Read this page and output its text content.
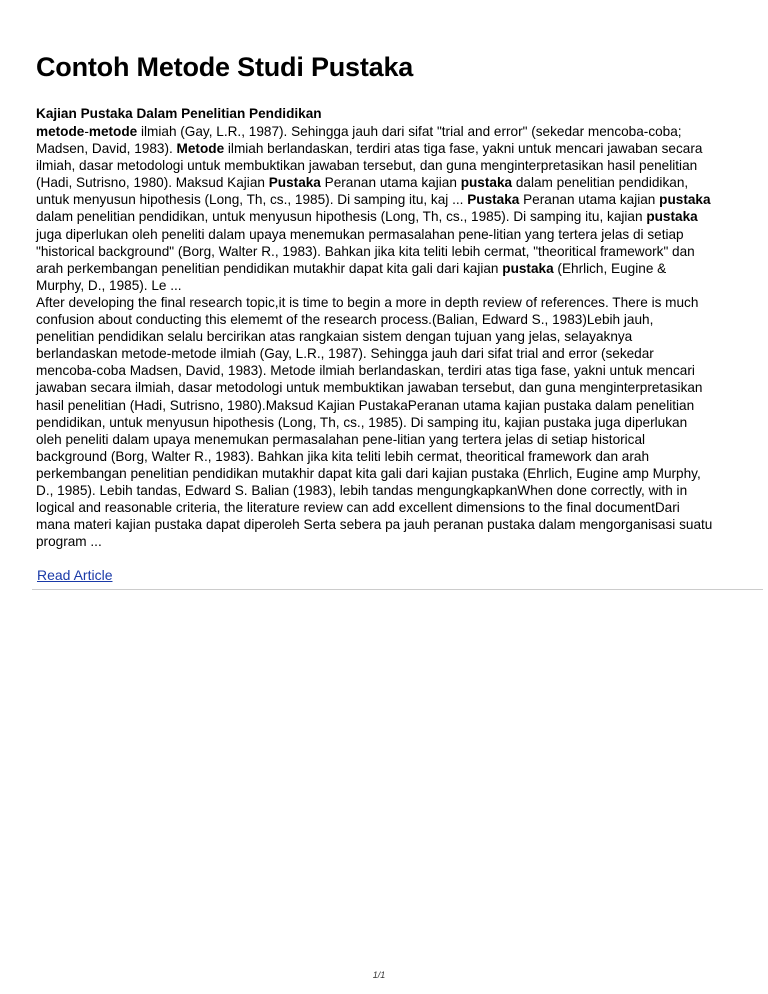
Contoh Metode Studi Pustaka
Kajian Pustaka Dalam Penelitian Pendidikan
metode-metode ilmiah (Gay, L.R., 1987). Sehingga jauh dari sifat "trial and error" (sekedar mencoba-coba;
Madsen, David, 1983). Metode ilmiah berlandaskan, terdiri atas tiga fase, yakni untuk mencari jawaban secara
ilmiah, dasar metodologi untuk membuktikan jawaban tersebut, dan guna menginterpretasikan hasil penelitian
(Hadi, Sutrisno, 1980). Maksud Kajian Pustaka Peranan utama kajian pustaka dalam penelitian pendidikan,
untuk menyusun hipothesis (Long, Th, cs., 1985). Di samping itu, kaj ... Pustaka Peranan utama kajian pustaka
dalam penelitian pendidikan, untuk menyusun hipothesis (Long, Th, cs., 1985). Di samping itu, kajian pustaka
juga diperlukan oleh peneliti dalam upaya menemukan permasalahan pene-litian yang tertera jelas di setiap
"historical background" (Borg, Walter R., 1983). Bahkan jika kita teliti lebih cermat, "theoritical framework" dan
arah perkembangan penelitian pendidikan mutakhir dapat kita gali dari kajian pustaka (Ehrlich, Eugine &
Murphy, D., 1985). Le ...
After developing the final research topic,it is time to begin a more in depth review of references. There is much
confusion about conducting this elememt of the research process.(Balian, Edward S., 1983)Lebih jauh,
penelitian pendidikan selalu bercirikan atas rangkaian sistem dengan tujuan yang jelas, selayaknya
berlandaskan metode-metode ilmiah (Gay, L.R., 1987). Sehingga jauh dari sifat trial and error (sekedar
mencoba-coba Madsen, David, 1983). Metode ilmiah berlandaskan, terdiri atas tiga fase, yakni untuk mencari
jawaban secara ilmiah, dasar metodologi untuk membuktikan jawaban tersebut, dan guna menginterpretasikan
hasil penelitian (Hadi, Sutrisno, 1980).Maksud Kajian PustakaPeranan utama kajian pustaka dalam penelitian
pendidikan, untuk menyusun hipothesis (Long, Th, cs., 1985). Di samping itu, kajian pustaka juga diperlukan
oleh peneliti dalam upaya menemukan permasalahan pene-litian yang tertera jelas di setiap historical
background (Borg, Walter R., 1983). Bahkan jika kita teliti lebih cermat, theoritical framework dan arah
perkembangan penelitian pendidikan mutakhir dapat kita gali dari kajian pustaka (Ehrlich, Eugine amp Murphy,
D., 1985). Lebih tandas, Edward S. Balian (1983), lebih tandas mengungkapkanWhen done correctly, with in
logical and reasonable criteria, the literature review can add excellent dimensions to the final documentDari
mana materi kajian pustaka dapat diperoleh Serta sebera pa jauh peranan pustaka dalam mengorganisasi suatu
program ...
Read Article
1/1
